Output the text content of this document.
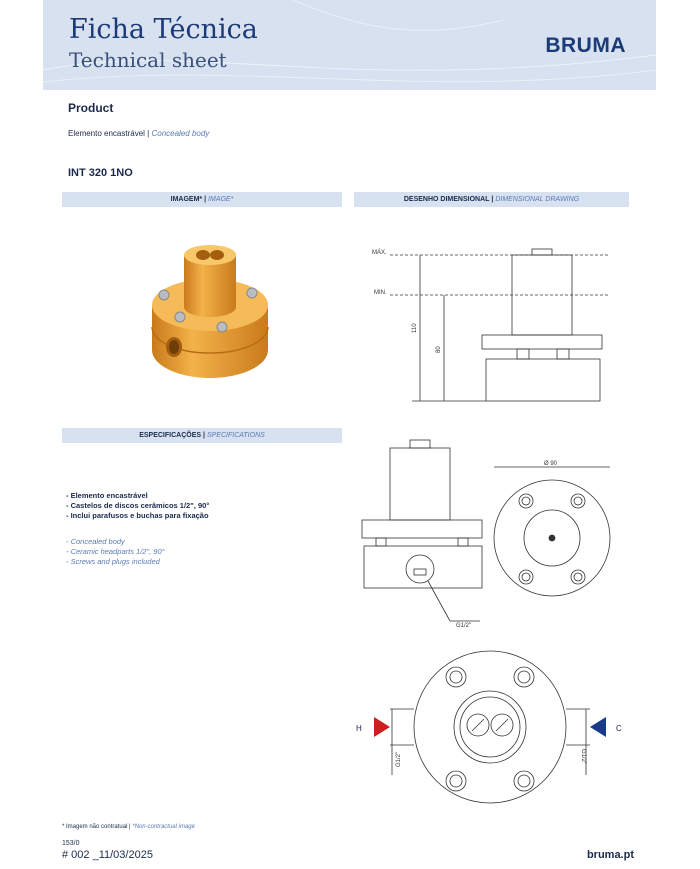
Ficha Técnica
Technical sheet
BRUMA
Product
Elemento encastrável | Concealed body
INT 320 1NO
IMAGEM* | IMAGE*	DESENHO DIMENSIONAL | DIMENSIONAL DRAWING
ESPECIFICAÇÕES | SPECIFICATIONS
- Elemento encastrável
- Castelos de discos cerâmicos 1/2", 90°
- Inclui parafusos e buchas para fixação
- Concealed body
- Ceramic headparts 1/2", 90°
- Screws and plugs included
MÁX.
MIN.
110
80
G1/2"
Ø 90
G1/2"	G1/2"
H	C
* Imagem não contratual | *Non-contractual image
153/0
# 002 _11/03/2025	bruma.pt
